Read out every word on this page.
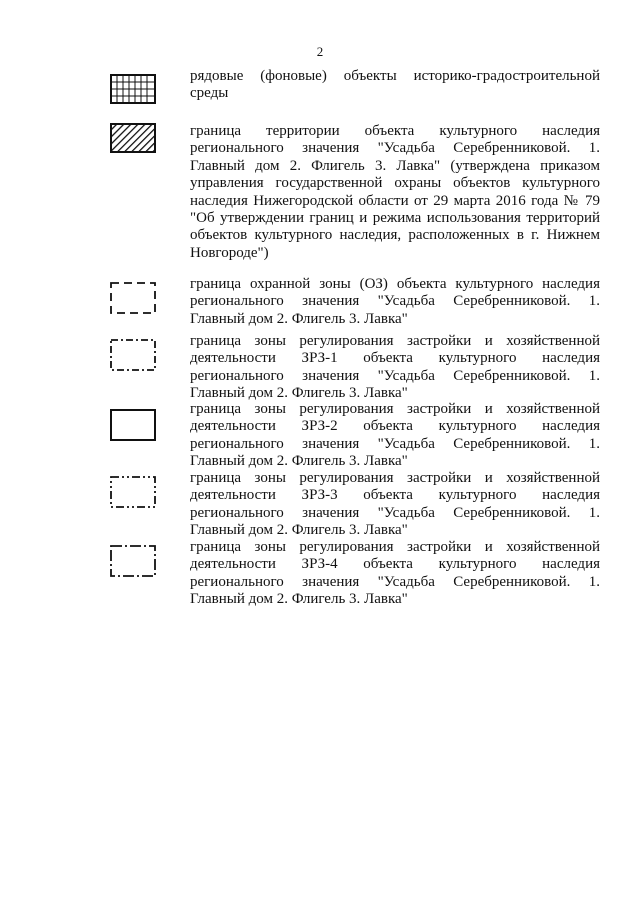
2
рядовые (фоновые) объекты историко-градостроительной среды
граница территории объекта культурного наследия регионального значения "Усадьба Серебренниковой. 1. Главный дом 2. Флигель 3. Лавка" (утверждена приказом управления государственной охраны объектов культурного наследия Нижегородской области от 29 марта 2016 года № 79 "Об утверждении границ и режима использования территорий объектов культурного наследия, расположенных в г. Нижнем Новгороде")
граница охранной зоны (ОЗ) объекта культурного наследия регионального значения "Усадьба Серебренниковой. 1. Главный дом 2. Флигель 3. Лавка"
граница зоны регулирования застройки и хозяйственной деятельности ЗРЗ-1 объекта культурного наследия регионального значения "Усадьба Серебренниковой. 1. Главный дом 2. Флигель 3. Лавка"
граница зоны регулирования застройки и хозяйственной деятельности ЗРЗ-2 объекта культурного наследия регионального значения "Усадьба Серебренниковой. 1. Главный дом 2. Флигель 3. Лавка"
граница зоны регулирования застройки и хозяйственной деятельности ЗРЗ-3 объекта культурного наследия регионального значения "Усадьба Серебренниковой. 1. Главный дом 2. Флигель 3. Лавка"
граница зоны регулирования застройки и хозяйственной деятельности ЗРЗ-4 объекта культурного наследия регионального значения "Усадьба Серебренниковой. 1. Главный дом 2. Флигель 3. Лавка"
